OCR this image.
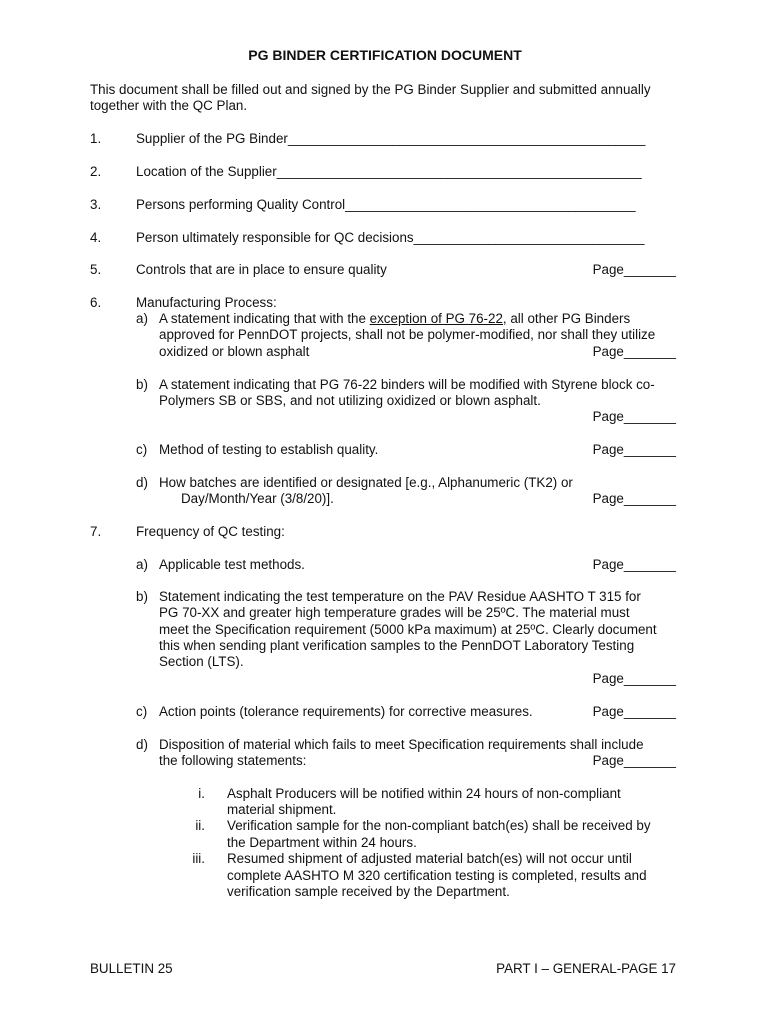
PG BINDER CERTIFICATION DOCUMENT
This document shall be filled out and signed by the PG Binder Supplier and submitted annually together with the QC Plan.
1.	Supplier of the PG Binder________________________________________________
2.	Location of the Supplier_________________________________________________
3.	Persons performing Quality Control_______________________________________
4.	Person ultimately responsible for QC decisions_______________________________
5.	Controls that are in place to ensure quality	Page_______
6.	Manufacturing Process:
a) A statement indicating that with the exception of PG 76-22, all other PG Binders
approved for PennDOT projects, shall not be polymer-modified, nor shall they utilize
oxidized or blown asphalt	Page_______
b) A statement indicating that PG 76-22 binders will be modified with Styrene block co-
Polymers SB or SBS, and not utilizing oxidized or blown asphalt.
Page_______
c) Method of testing to establish quality.	Page_______
d) How batches are identified or designated [e.g., Alphanumeric (TK2) or
Day/Month/Year (3/8/20)].	Page_______
7.	Frequency of QC testing:
a) Applicable test methods.	Page_______
b) Statement indicating the test temperature on the PAV Residue AASHTO T 315 for
PG 70-XX and greater high temperature grades will be 25ºC. The material must
meet the Specification requirement (5000 kPa maximum) at 25ºC. Clearly document
this when sending plant verification samples to the PennDOT Laboratory Testing
Section (LTS).
Page_______
c) Action points (tolerance requirements) for corrective measures.	Page_______
d) Disposition of material which fails to meet Specification requirements shall include
the following statements:	Page_______
i. Asphalt Producers will be notified within 24 hours of non-compliant
material shipment.
ii. Verification sample for the non-compliant batch(es) shall be received by
the Department within 24 hours.
iii. Resumed shipment of adjusted material batch(es) will not occur until
complete AASHTO M 320 certification testing is completed, results and
verification sample received by the Department.
BULLETIN 25	PART I – GENERAL-PAGE 17
